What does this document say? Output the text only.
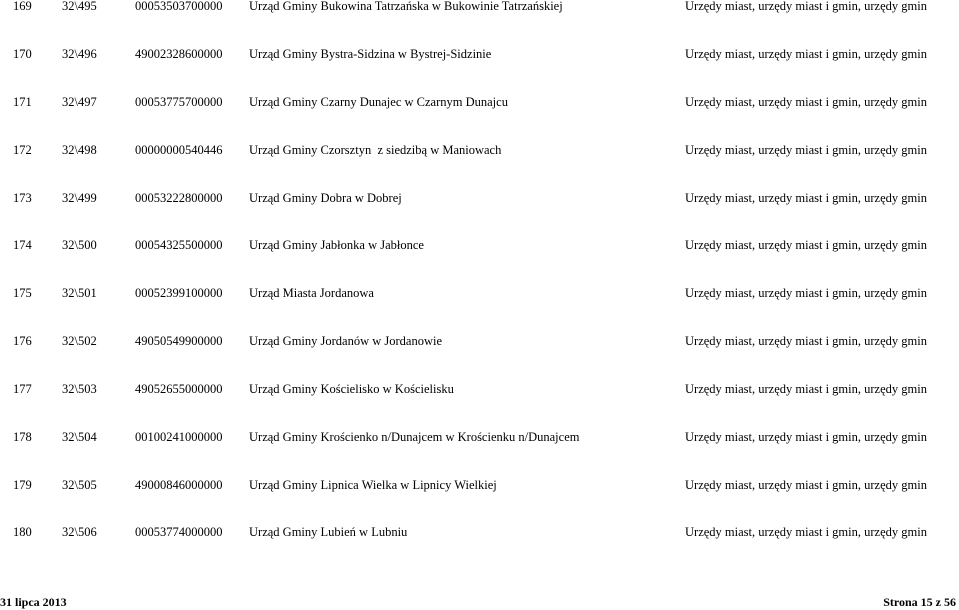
169 32\495	00053503700000 Urząd Gminy Bukowina Tatrzańska w Bukowinie Tatrzańskiej	Urzędy miast, urzędy miast i gmin, urzędy gmin
170 32\496	49002328600000 Urząd Gminy Bystra-Sidzina w Bystrej-Sidzinie	Urzędy miast, urzędy miast i gmin, urzędy gmin
171 32\497	00053775700000 Urząd Gminy Czarny Dunajec w Czarnym Dunajcu	Urzędy miast, urzędy miast i gmin, urzędy gmin
172 32\498	00000000540446 Urząd Gminy Czorsztyn  z siedzibą w Maniowach	Urzędy miast, urzędy miast i gmin, urzędy gmin
173 32\499	00053222800000 Urząd Gminy Dobra w Dobrej	Urzędy miast, urzędy miast i gmin, urzędy gmin
174 32\500	00054325500000 Urząd Gminy Jabłonka w Jabłonce	Urzędy miast, urzędy miast i gmin, urzędy gmin
175 32\501	00052399100000 Urząd Miasta Jordanowa	Urzędy miast, urzędy miast i gmin, urzędy gmin
176 32\502	49050549900000 Urząd Gminy Jordanów w Jordanowie	Urzędy miast, urzędy miast i gmin, urzędy gmin
177 32\503	49052655000000 Urząd Gminy Kościelisko w Kościelisku	Urzędy miast, urzędy miast i gmin, urzędy gmin
178 32\504	00100241000000 Urząd Gminy Krościenko n/Dunajcem w Krościenku n/Dunajcem	Urzędy miast, urzędy miast i gmin, urzędy gmin
179 32\505	49000846000000 Urząd Gminy Lipnica Wielka w Lipnicy Wielkiej	Urzędy miast, urzędy miast i gmin, urzędy gmin
180 32\506	00053774000000 Urząd Gminy Lubień w Lubniu	Urzędy miast, urzędy miast i gmin, urzędy gmin
31 lipca 2013	Strona 15 z 56
